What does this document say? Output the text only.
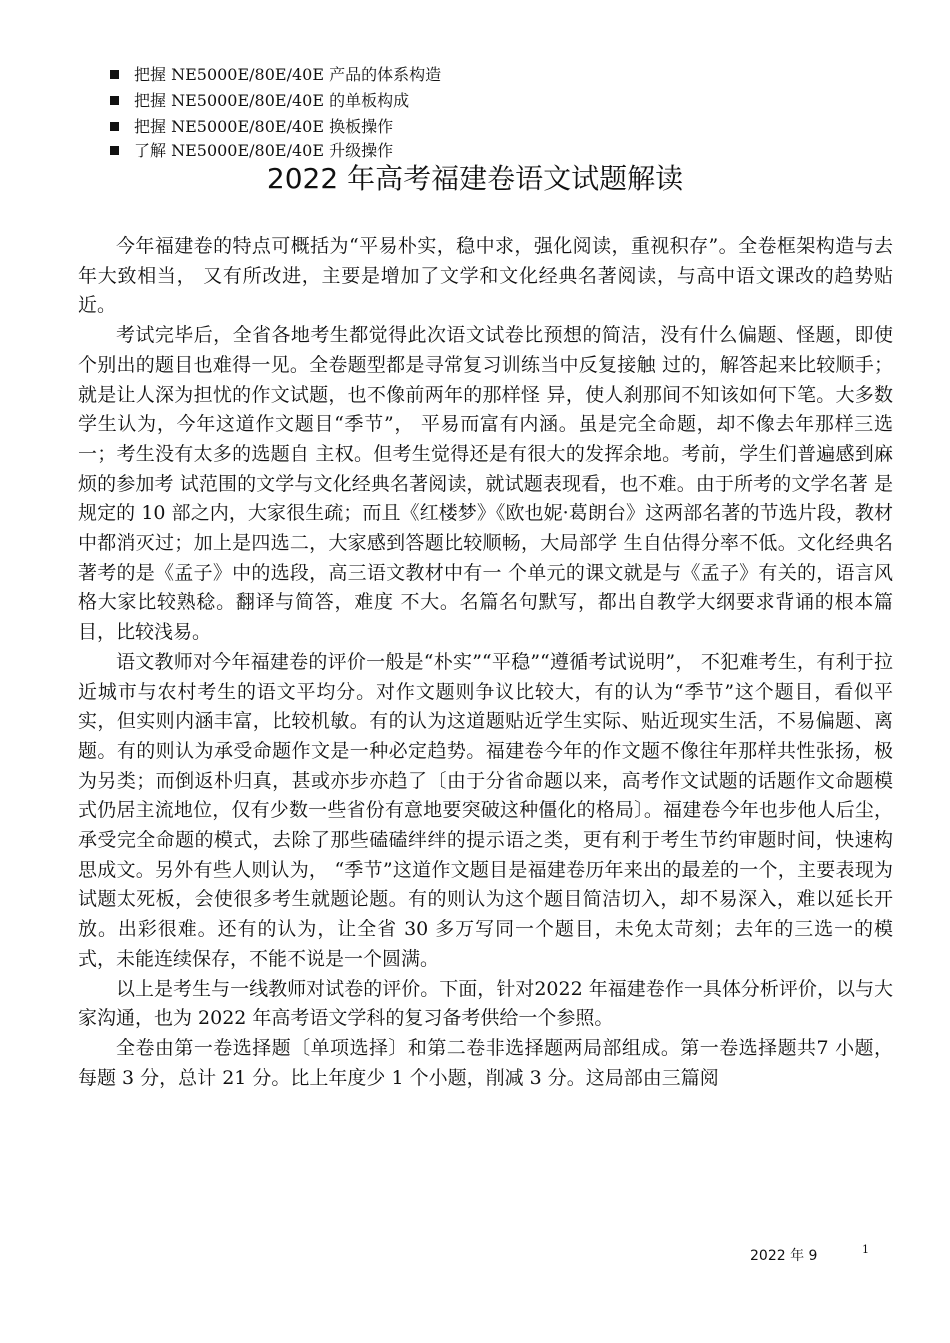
把握 NE5000E/80E/40E 产品的体系构造
把握 NE5000E/80E/40E 的单板构成
把握 NE5000E/80E/40E 换板操作
了解 NE5000E/80E/40E 升级操作
2022 年高考福建卷语文试题解读

今年福建卷的特点可概括为“平易朴实，稳中求，强化阅读，重视积存”。全卷框架构造与去年大致相当， 又有所改进，主要是增加了文学和文化经典名著阅读，与高中语文课改的趋势贴近。

考试完毕后，全省各地考生都觉得此次语文试卷比预想的简洁，没有什么偏题、怪题，即使个别出的题目也难得一见。全卷题型都是寻常复习训练当中反复接触 过的，解答起来比较顺手；就是让人深为担忧的作文试题，也不像前两年的那样怪 异，使人刹那间不知该如何下笔。大多数学生认为，今年这道作文题目“季节”， 平易而富有内涵。虽是完全命题，却不像去年那样三选一；考生没有太多的选题自 主权。但考生觉得还是有很大的发挥余地。考前，学生们普遍感到麻烦的参加考 试范围的文学与文化经典名著阅读，就试题表现看，也不难。由于所考的文学名著 是规定的 10 部之内，大家很生疏；而且《红楼梦》《欧也妮·葛朗台》这两部名著的节选片段，教材中都消灭过；加上是四选二，大家感到答题比较顺畅，大局部学 生自估得分率不低。文化经典名著考的是《孟子》中的选段，高三语文教材中有一 个单元的课文就是与《孟子》有关的，语言风格大家比较熟稔。翻译与简答，难度 不大。名篇名句默写，都出自教学大纲要求背诵的根本篇目，比较浅易。

语文教师对今年福建卷的评价一般是“朴实”“平稳”“遵循考试说明”， 不犯难考生，有利于拉近城市与农村考生的语文平均分。对作文题则争议比较大，有的认为“季节”这个题目，看似平实，但实则内涵丰富，比较机敏。有的认为这道题贴近学生实际、贴近现实生活，不易偏题、离题。有的则认为承受命题作文是一种必定趋势。福建卷今年的作文题不像往年那样共性张扬，极为另类；而倒返朴归真，甚或亦步亦趋了〔由于分省命题以来，高考作文试题的话题作文命题模式仍居主流地位，仅有少数一些省份有意地要突破这种僵化的格局〕。福建卷今年也步他人后尘，承受完全命题的模式，去除了那些磕磕绊绊的提示语之类，更有利于考生节约审题时间，快速构思成文。另外有些人则认为， “季节”这道作文题目是福建卷历年来出的最差的一个，主要表现为试题太死板，会使很多考生就题论题。有的则认为这个题目简洁切入，却不易深入，难以延长开放。出彩很难。还有的认为，让全省 30 多万写同一个题目，未免太苛刻；去年的三选一的模式，未能连续保存，不能不说是一个圆满。

以上是考生与一线教师对试卷的评价。下面，针对2022 年福建卷作一具体分析评价，以与大家沟通，也为 2022 年高考语文学科的复习备考供给一个参照。

全卷由第一卷选择题〔单项选择〕和第二卷非选择题两局部组成。第一卷选择题共7 小题，每题 3 分，总计 21 分。比上年度少 1 个小题，削减 3 分。这局部由三篇阅

2022 年 9	1
